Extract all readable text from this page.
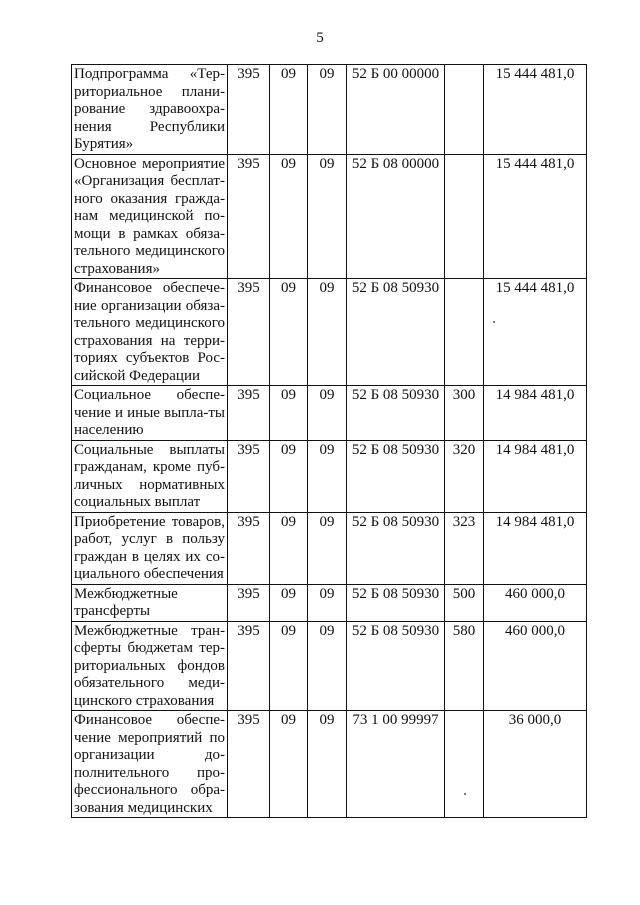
5
Подпрограмма «Тер-риториальное плани-рование здравоохра-нения Республики Бурятия»	395	09	09	52 Б 00 00000		15 444 481,0
Основное мероприятие «Организация бесплат-ного оказания гражда-нам медицинской по-мощи в рамках обяза-тельного медицинского страхования»	395	09	09	52 Б 08 00000		15 444 481,0
Финансовое обеспече-ние организации обяза-тельного медицинского страхования на терри-ториях субъектов Рос-сийской Федерации	395	09	09	52 Б 08 50930		15 444 481,0
Социальное обеспе-чение и иные выпла-ты населению	395	09	09	52 Б 08 50930	300	14 984 481,0
Социальные выплаты гражданам, кроме пуб-личных нормативных социальных выплат	395	09	09	52 Б 08 50930	320	14 984 481,0
Приобретение товаров, работ, услуг в пользу граждан в целях их со-циального обеспечения	395	09	09	52 Б 08 50930	323	14 984 481,0
Межбюджетные трансферты	395	09	09	52 Б 08 50930	500	460 000,0
Межбюджетные тран-сферты бюджетам тер-риториальных фондов обязательного меди-цинского страхования	395	09	09	52 Б 08 50930	580	460 000,0
Финансовое обеспе-чение мероприятий по организации до-полнительного про-фессионального обра-зования медицинских	395	09	09	73 1 00 99997		36 000,0
